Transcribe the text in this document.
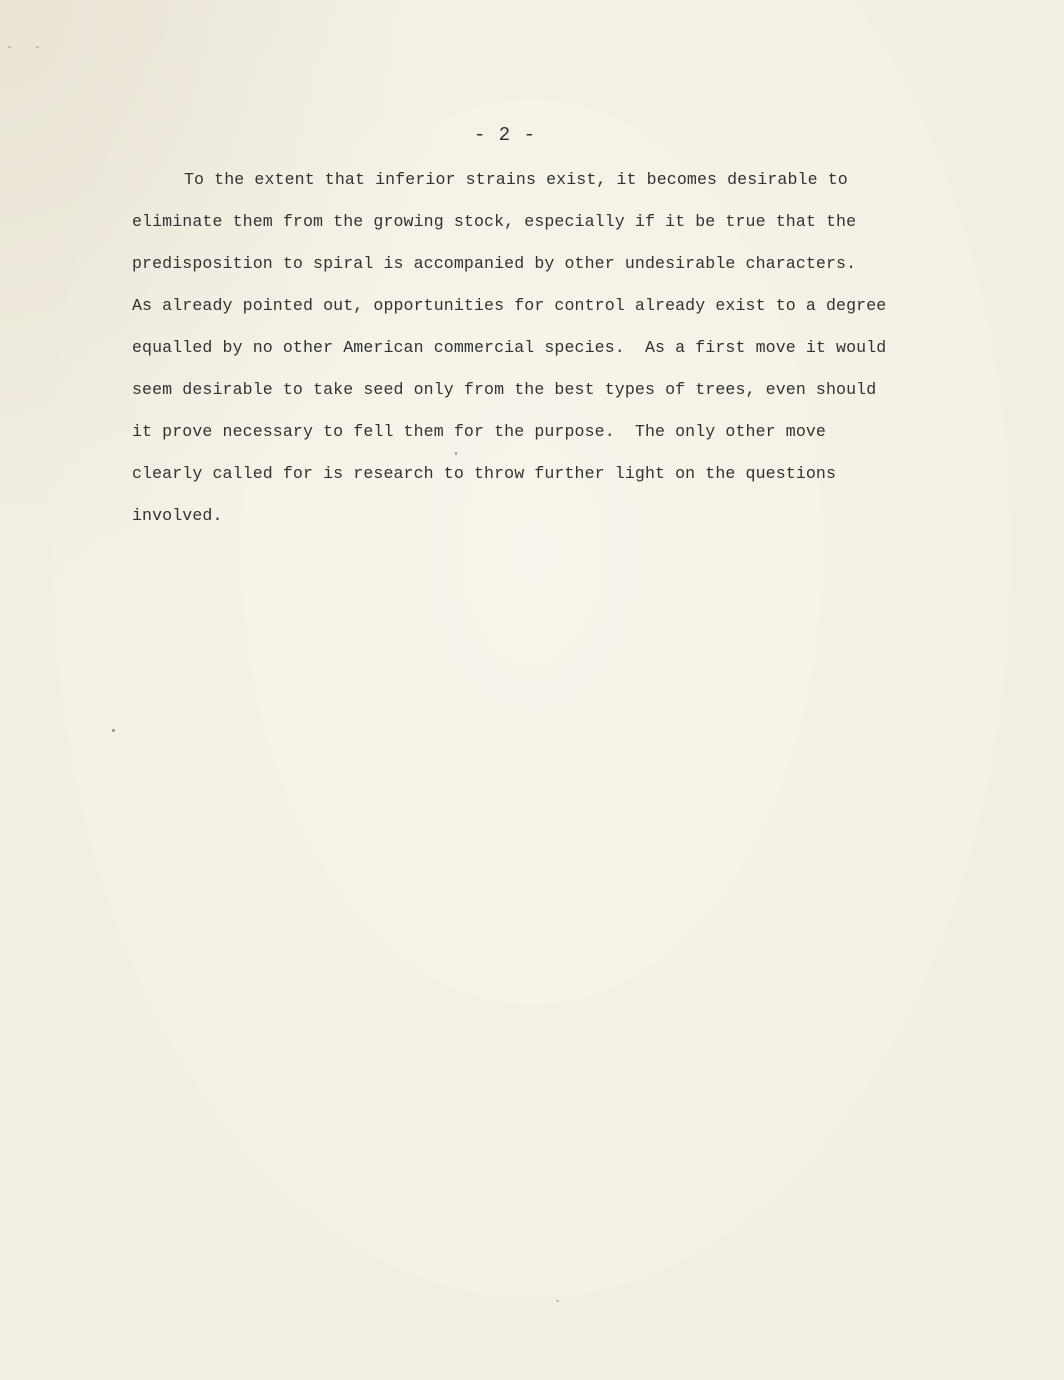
- 2 -
To the extent that inferior strains exist, it becomes desirable to
eliminate them from the growing stock, especially if it be true that the
predisposition to spiral is accompanied by other undesirable characters.
As already pointed out, opportunities for control already exist to a degree
equalled by no other American commercial species.  As a first move it would
seem desirable to take seed only from the best types of trees, even should
it prove necessary to fell them for the purpose.  The only other move
clearly called for is research to throw further light on the questions
involved.
